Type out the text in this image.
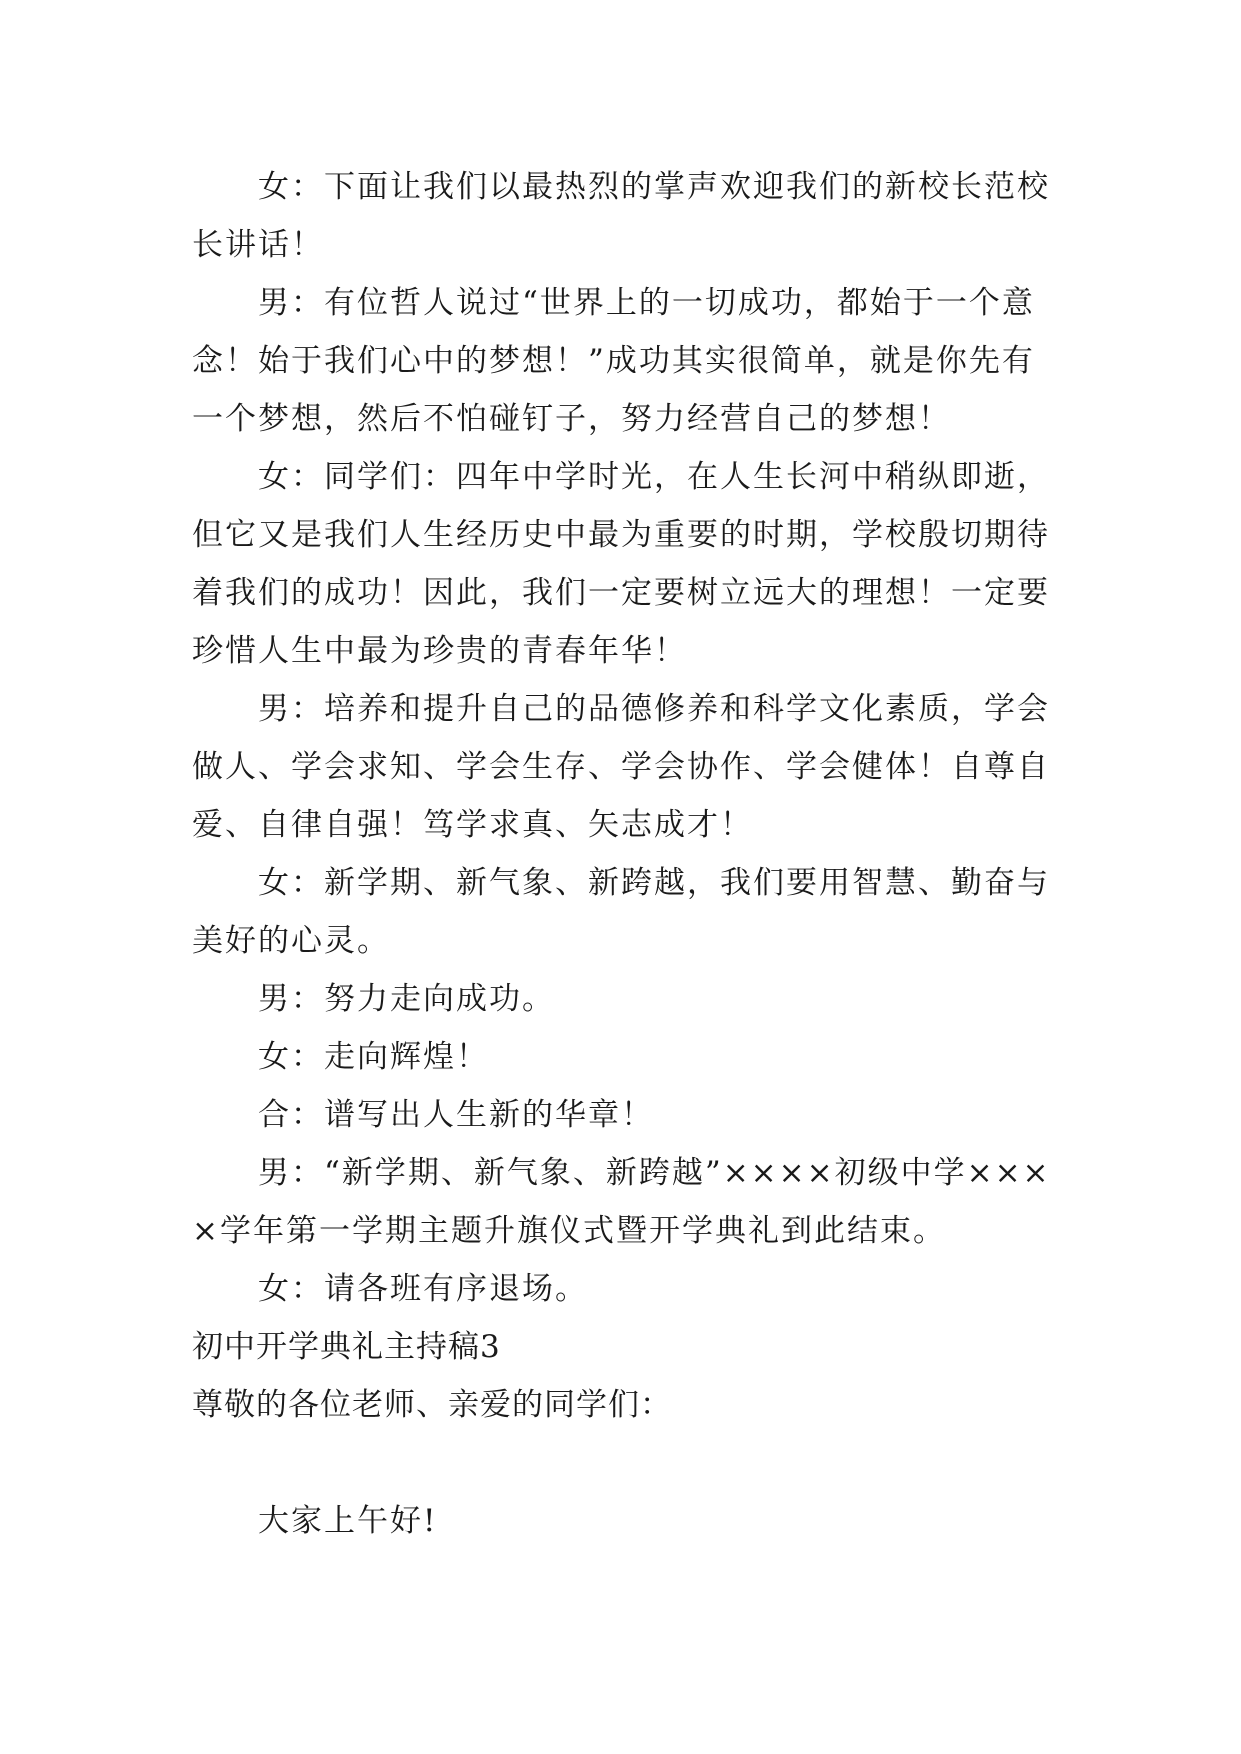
女：下面让我们以最热烈的掌声欢迎我们的新校长范校长讲话！

男：有位哲人说过“世界上的一切成功，都始于一个意念！始于我们心中的梦想！”成功其实很简单，就是你先有一个梦想，然后不怕碰钉子，努力经营自己的梦想！

女：同学们：四年中学时光，在人生长河中稍纵即逝，但它又是我们人生经历史中最为重要的时期，学校殷切期待着我们的成功！因此，我们一定要树立远大的理想！一定要珍惜人生中最为珍贵的青春年华！

男：培养和提升自己的品德修养和科学文化素质，学会做人、学会求知、学会生存、学会协作、学会健体！自尊自爱、自律自强！笃学求真、矢志成才！

女：新学期、新气象、新跨越，我们要用智慧、勤奋与美好的心灵。

男：努力走向成功。

女：走向辉煌！

合：谱写出人生新的华章！

男：“新学期、新气象、新跨越”××××初级中学××××学年第一学期主题升旗仪式暨开学典礼到此结束。

女：请各班有序退场。

初中开学典礼主持稿3

尊敬的各位老师、亲爱的同学们：

大家上午好!
